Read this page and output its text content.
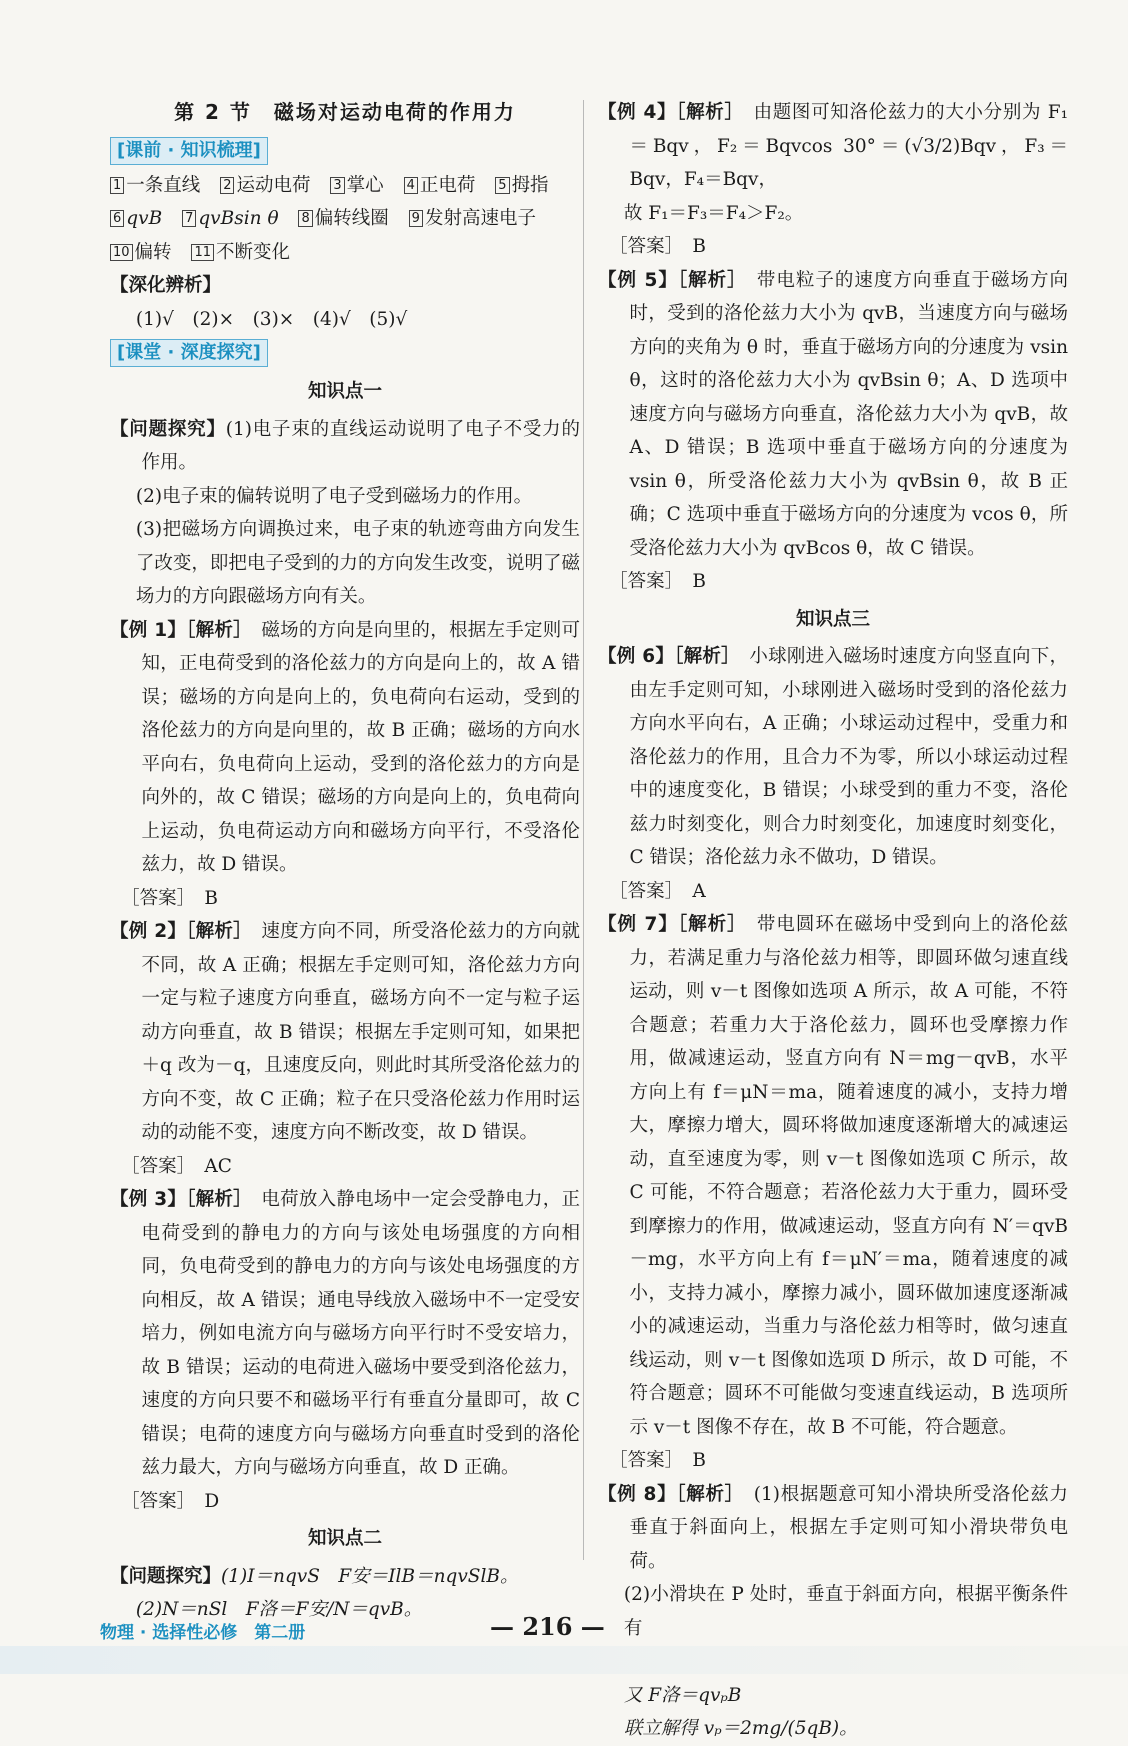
第 2 节　磁场对运动电荷的作用力
[课前 · 知识梳理]

1 一条直线 2 运动电荷 3 掌心 4 正电荷 5 拇指

6 qvB 7 qvBsin θ 8 偏转线圈 9 发射高速电子

10 偏转 11 不断变化

【深化辨析】

(1)√　(2)×　(3)×　(4)√　(5)√

[课堂 · 深度探究]
知识点一

【问题探究】(1)电子束的直线运动说明了电子不受力的作用。

(2)电子束的偏转说明了电子受到磁场力的作用。

(3)把磁场方向调换过来，电子束的轨迹弯曲方向发生了改变，即把电子受到的力的方向发生改变，说明了磁场力的方向跟磁场方向有关。

【例 1】［解析］　 磁场的方向是向里的，根据左手定则可知，正电荷受到的洛伦兹力的方向是向上的，故 A 错误；磁场的方向是向上的，负电荷向右运动，受到的洛伦兹力的方向是向里的，故 B 正确；磁场的方向水平向右，负电荷向上运动，受到的洛伦兹力的方向是向外的，故 C 错误；磁场的方向是向上的，负电荷向上运动，负电荷运动方向和磁场方向平行，不受洛伦兹力，故 D 错误。

［答案］　B

【例 2】［解析］　 速度方向不同，所受洛伦兹力的方向就不同，故 A 正确；根据左手定则可知，洛伦兹力方向一定与粒子速度方向垂直，磁场方向不一定与粒子运动方向垂直，故 B 错误；根据左手定则可知，如果把＋q 改为－q，且速度反向，则此时其所受洛伦兹力的方向不变，故 C 正确；粒子在只受洛伦兹力作用时运动的动能不变，速度方向不断改变，故 D 错误。

［答案］　AC

【例 3】［解析］　 电荷放入静电场中一定会受静电力，正电荷受到的静电力的方向与该处电场强度的方向相同，负电荷受到的静电力的方向与该处电场强度的方向相反，故 A 错误；通电导线放入磁场中不一定受安培力，例如电流方向与磁场方向平行时不受安培力，故 B 错误；运动的电荷进入磁场中要受到洛伦兹力，速度的方向只要不和磁场平行有垂直分量即可，故 C 错误；电荷的速度方向与磁场方向垂直时受到的洛伦兹力最大，方向与磁场方向垂直，故 D 正确。

［答案］　D

知识点二

【问题探究】(1)I＝nqvS　F安＝IlB＝nqvSlB。

(2)N＝nSl　F洛＝F安/N＝qvB。

【例 4】［解析］　 由题图可知洛伦兹力的大小分别为 F₁＝Bqv，F₂＝Bqvcos 30°＝(√3/2)Bqv，F₃＝Bqv，F₄＝Bqv，

故 F₁＝F₃＝F₄＞F₂。

［答案］　B

【例 5】［解析］　 带电粒子的速度方向垂直于磁场方向时，受到的洛伦兹力大小为 qvB，当速度方向与磁场方向的夹角为 θ 时，垂直于磁场方向的分速度为 vsin θ，这时的洛伦兹力大小为 qvBsin θ；A、D 选项中速度方向与磁场方向垂直，洛伦兹力大小为 qvB，故 A、D 错误；B 选项中垂直于磁场方向的分速度为 vsin θ，所受洛伦兹力大小为 qvBsin θ，故 B 正确；C 选项中垂直于磁场方向的分速度为 vcos θ，所受洛伦兹力大小为 qvBcos θ，故 C 错误。

［答案］　B

知识点三

【例 6】［解析］　 小球刚进入磁场时速度方向竖直向下，由左手定则可知，小球刚进入磁场时受到的洛伦兹力方向水平向右，A 正确；小球运动过程中，受重力和洛伦兹力的作用，且合力不为零，所以小球运动过程中的速度变化，B 错误；小球受到的重力不变，洛伦兹力时刻变化，则合力时刻变化，加速度时刻变化，C 错误；洛伦兹力永不做功，D 错误。

［答案］　A

【例 7】［解析］　 带电圆环在磁场中受到向上的洛伦兹力，若满足重力与洛伦兹力相等，即圆环做匀速直线运动，则 v－t 图像如选项 A 所示，故 A 可能，不符合题意；若重力大于洛伦兹力，圆环也受摩擦力作用，做减速运动，竖直方向有 N＝mg－qvB，水平方向上有 f＝μN＝ma，随着速度的减小，支持力增大，摩擦力增大，圆环将做加速度逐渐增大的减速运动，直至速度为零，则 v－t 图像如选项 C 所示，故 C 可能，不符合题意；若洛伦兹力大于重力，圆环受到摩擦力的作用，做减速运动，竖直方向有 N′＝qvB－mg，水平方向上有 f＝μN′＝ma，随着速度的减小，支持力减小，摩擦力减小，圆环做加速度逐渐减小的减速运动，当重力与洛伦兹力相等时，做匀速直线运动，则 v－t 图像如选项 D 所示，故 D 可能，不符合题意；圆环不可能做匀变速直线运动，B 选项所示 v－t 图像不存在，故 B 不可能，符合题意。

［答案］　B

【例 8】［解析］　 (1)根据题意可知小滑块所受洛伦兹力垂直于斜面向上，根据左手定则可知小滑块带负电荷。

(2)小滑块在 P 处时，垂直于斜面方向，根据平衡条件有

又 F洛＝qvₚB

联立解得 vₚ＝2mg/(5qB)。

物理 · 选择性必修　第二册	— 216 —
